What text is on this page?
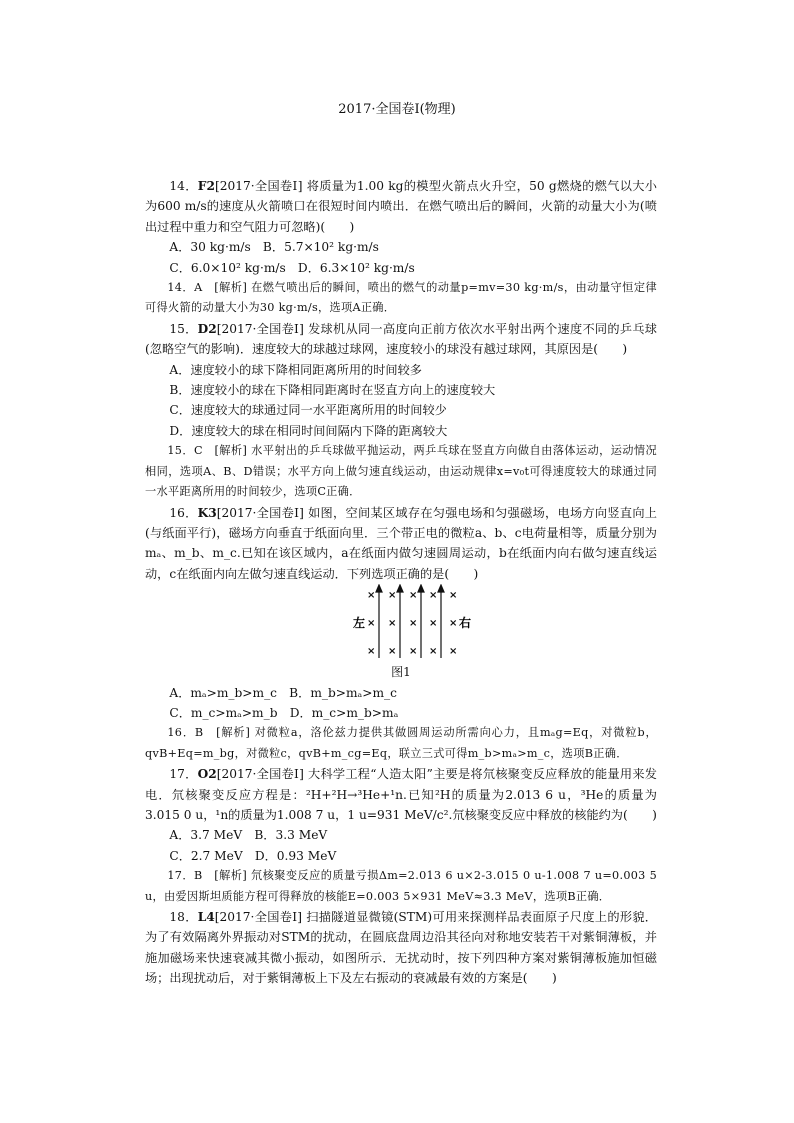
2017·全国卷Ⅰ(物理)

14．F2[2017·全国卷Ⅰ] 将质量为1.00 kg的模型火箭点火升空，50 g燃烧的燃气以大小为600 m/s的速度从火箭喷口在很短时间内喷出．在燃气喷出后的瞬间，火箭的动量大小为(喷出过程中重力和空气阻力可忽略)(　　)

A．30 kg·m/s　B．5.7×10² kg·m/s

C．6.0×10² kg·m/s　D．6.3×10² kg·m/s

14．A　[解析] 在燃气喷出后的瞬间，喷出的燃气的动量p=mv=30 kg·m/s，由动量守恒定律可得火箭的动量大小为30 kg·m/s，选项A正确．

15．D2[2017·全国卷Ⅰ] 发球机从同一高度向正前方依次水平射出两个速度不同的乒乓球(忽略空气的影响)．速度较大的球越过球网，速度较小的球没有越过球网，其原因是(　　)

A．速度较小的球下降相同距离所用的时间较多

B．速度较小的球在下降相同距离时在竖直方向上的速度较大

C．速度较大的球通过同一水平距离所用的时间较少

D．速度较大的球在相同时间间隔内下降的距离较大

15．C　[解析] 水平射出的乒乓球做平抛运动，两乒乓球在竖直方向做自由落体运动，运动情况相同，选项A、B、D错误；水平方向上做匀速直线运动，由运动规律x=v₀t可得速度较大的球通过同一水平距离所用的时间较少，选项C正确．

16．K3[2017·全国卷Ⅰ] 如图，空间某区域存在匀强电场和匀强磁场，电场方向竖直向上(与纸面平行)，磁场方向垂直于纸面向里．三个带正电的微粒a、b、c电荷量相等，质量分别为mₐ、m_b、m_c.已知在该区域内，a在纸面内做匀速圆周运动，b在纸面内向右做匀速直线运动，c在纸面内向左做匀速直线运动．下列选项正确的是(　　)

× × × × ×
× × × × ×
× × × × ×
左	右

图1

A．mₐ>m_b>m_c　B．m_b>mₐ>m_c

C．m_c>mₐ>m_b　D．m_c>m_b>mₐ

16．B　[解析] 对微粒a，洛伦兹力提供其做圆周运动所需向心力，且mₐg=Eq，对微粒b，qvB+Eq=m_bg，对微粒c，qvB+m_cg=Eq，联立三式可得m_b>mₐ>m_c，选项B正确．

17．O2[2017·全国卷Ⅰ] 大科学工程“人造太阳”主要是将氘核聚变反应释放的能量用来发电．氘核聚变反应方程是：²H+²H→³He+¹n.已知²H的质量为2.013 6 u，³He的质量为3.015 0 u，¹n的质量为1.008 7 u，1 u=931 MeV/c².氘核聚变反应中释放的核能约为(　　)

A．3.7 MeV　B．3.3 MeV

C．2.7 MeV　D．0.93 MeV

17．B　[解析] 氘核聚变反应的质量亏损Δm=2.013 6 u×2-3.015 0 u-1.008 7 u=0.003 5 u，由爱因斯坦质能方程可得释放的核能E=0.003 5×931 MeV≈3.3 MeV，选项B正确．

18．L4[2017·全国卷Ⅰ] 扫描隧道显微镜(STM)可用来探测样品表面原子尺度上的形貌．为了有效隔离外界振动对STM的扰动，在圆底盘周边沿其径向对称地安装若干对紫铜薄板，并施加磁场来快速衰减其微小振动，如图所示．无扰动时，按下列四种方案对紫铜薄板施加恒磁场；出现扰动后，对于紫铜薄板上下及左右振动的衰减最有效的方案是(　　)
